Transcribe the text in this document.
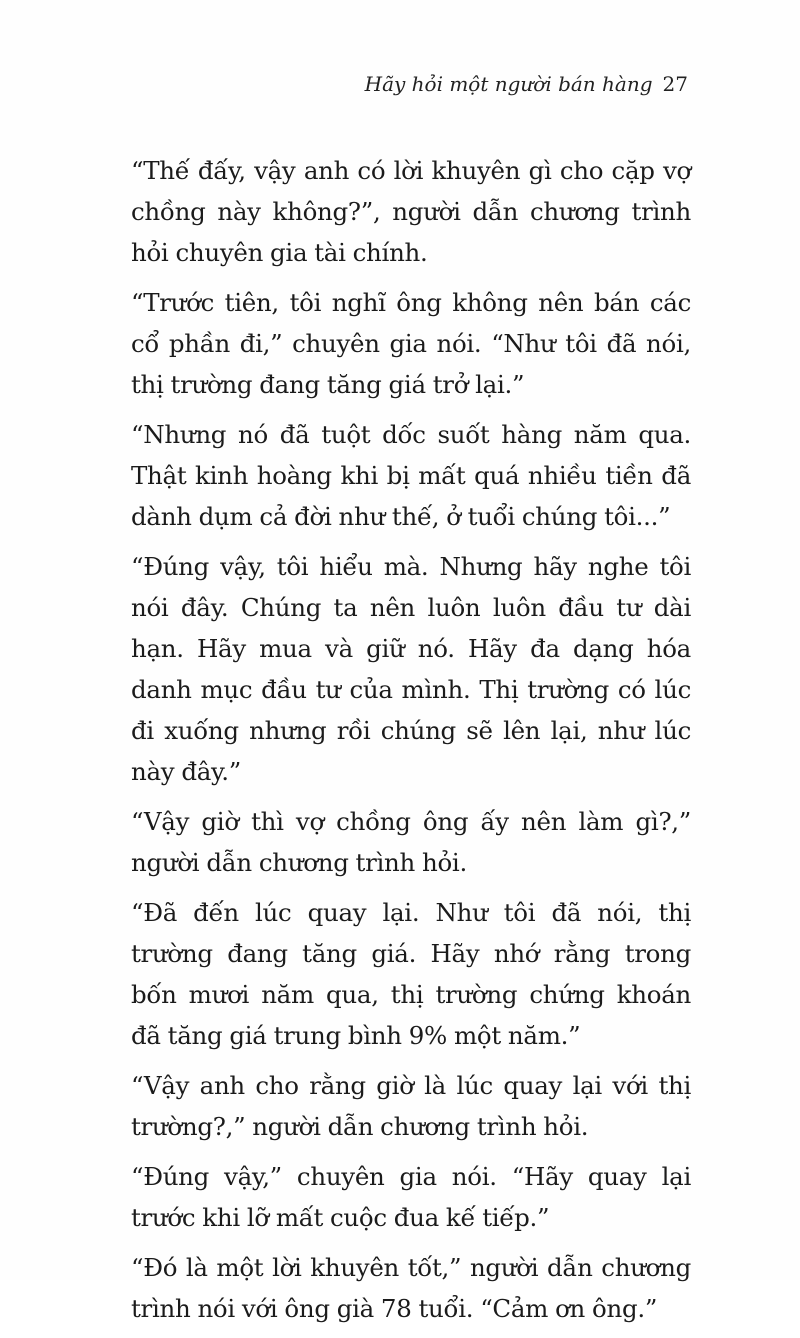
Hãy hỏi một người bán hàng 27

“Thế đấy, vậy anh có lời khuyên gì cho cặp vợ chồng này không?”, người dẫn chương trình hỏi chuyên gia tài chính.

“Trước tiên, tôi nghĩ ông không nên bán các cổ phần đi,” chuyên gia nói. “Như tôi đã nói, thị trường đang tăng giá trở lại.”

“Nhưng nó đã tuột dốc suốt hàng năm qua. Thật kinh hoàng khi bị mất quá nhiều tiền đã dành dụm cả đời như thế, ở tuổi chúng tôi...”

“Đúng vậy, tôi hiểu mà. Nhưng hãy nghe tôi nói đây. Chúng ta nên luôn luôn đầu tư dài hạn. Hãy mua và giữ nó. Hãy đa dạng hóa danh mục đầu tư của mình. Thị trường có lúc đi xuống nhưng rồi chúng sẽ lên lại, như lúc này đây.”

“Vậy giờ thì vợ chồng ông ấy nên làm gì?,” người dẫn chương trình hỏi.

“Đã đến lúc quay lại. Như tôi đã nói, thị trường đang tăng giá. Hãy nhớ rằng trong bốn mươi năm qua, thị trường chứng khoán đã tăng giá trung bình 9% một năm.”

“Vậy anh cho rằng giờ là lúc quay lại với thị trường?,” người dẫn chương trình hỏi.

“Đúng vậy,” chuyên gia nói. “Hãy quay lại trước khi lỡ mất cuộc đua kế tiếp.”

“Đó là một lời khuyên tốt,” người dẫn chương trình nói với ông già 78 tuổi. “Cảm ơn ông.”
